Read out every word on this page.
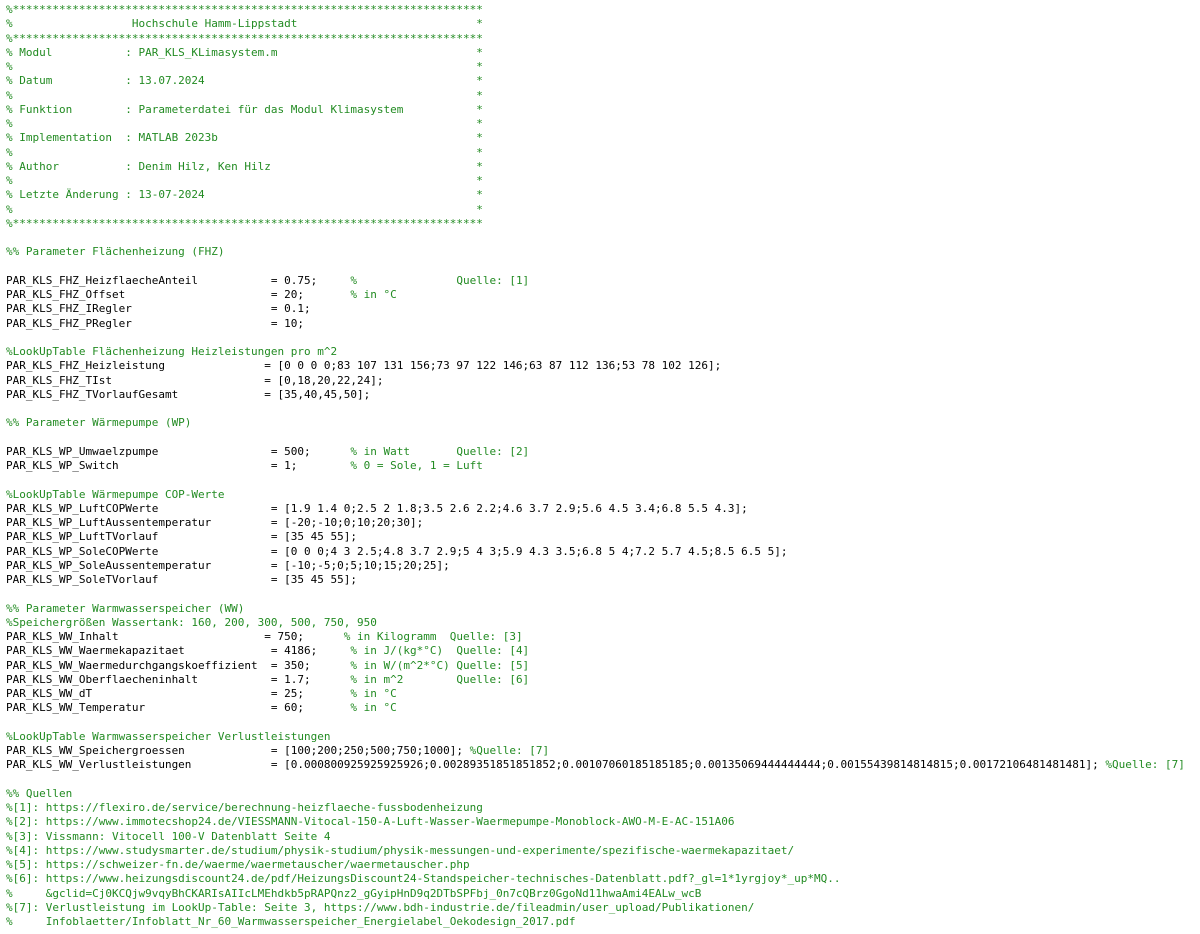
%***********************************************************************
%                  Hochschule Hamm-Lippstadt                           *
%***********************************************************************
% Modul           : PAR_KLS_KLimasystem.m                              *
%                                                                      *
% Datum           : 13.07.2024                                         *
%                                                                      *
% Funktion        : Parameterdatei für das Modul Klimasystem           *
%                                                                      *
% Implementation  : MATLAB 2023b                                       *
%                                                                      *
% Author          : Denim Hilz, Ken Hilz                               *
%                                                                      *
% Letzte Änderung : 13-07-2024                                         *
%                                                                      *
%***********************************************************************
%% Parameter Flächenheizung (FHZ)
PAR_KLS_FHZ_HeizflaecheAnteil           = 0.75;     %               Quelle: [1]
PAR_KLS_FHZ_Offset                      = 20;       % in °C
PAR_KLS_FHZ_IRegler                     = 0.1;
PAR_KLS_FHZ_PRegler                     = 10;
%LookUpTable Flächenheizung Heizleistungen pro m^2
PAR_KLS_FHZ_Heizleistung               = [0 0 0 0;83 107 131 156;73 97 122 146;63 87 112 136;53 78 102 126];
PAR_KLS_FHZ_TIst                       = [0,18,20,22,24];
PAR_KLS_FHZ_TVorlaufGesamt             = [35,40,45,50];
%% Parameter Wärmepumpe (WP)
PAR_KLS_WP_Umwaelzpumpe                 = 500;      % in Watt       Quelle: [2]
PAR_KLS_WP_Switch                       = 1;        % 0 = Sole, 1 = Luft
%LookUpTable Wärmepumpe COP-Werte
PAR_KLS_WP_LuftCOPWerte                 = [1.9 1.4 0;2.5 2 1.8;3.5 2.6 2.2;4.6 3.7 2.9;5.6 4.5 3.4;6.8 5.5 4.3];
PAR_KLS_WP_LuftAussentemperatur         = [-20;-10;0;10;20;30];
PAR_KLS_WP_LuftTVorlauf                 = [35 45 55];
PAR_KLS_WP_SoleCOPWerte                 = [0 0 0;4 3 2.5;4.8 3.7 2.9;5 4 3;5.9 4.3 3.5;6.8 5 4;7.2 5.7 4.5;8.5 6.5 5];
PAR_KLS_WP_SoleAussentemperatur         = [-10;-5;0;5;10;15;20;25];
PAR_KLS_WP_SoleTVorlauf                 = [35 45 55];
%% Parameter Warmwasserspeicher (WW)
%Speichergrößen Wassertank: 160, 200, 300, 500, 750, 950
PAR_KLS_WW_Inhalt                      = 750;      % in Kilogramm  Quelle: [3]
PAR_KLS_WW_Waermekapazitaet             = 4186;     % in J/(kg*°C)  Quelle: [4]
PAR_KLS_WW_Waermedurchgangskoeffizient  = 350;      % in W/(m^2*°C) Quelle: [5]
PAR_KLS_WW_Oberflaecheninhalt           = 1.7;      % in m^2        Quelle: [6]
PAR_KLS_WW_dT                           = 25;       % in °C
PAR_KLS_WW_Temperatur                   = 60;       % in °C
%LookUpTable Warmwasserspeicher Verlustleistungen
PAR_KLS_WW_Speichergroessen             = [100;200;250;500;750;1000]; %Quelle: [7]
PAR_KLS_WW_Verlustleistungen            = [0.000800925925925926;0.00289351851851852;0.00107060185185185;0.00135069444444444;0.00155439814814815;0.00172106481481481]; %Quelle: [7]
%% Quellen
%[1]: https://flexiro.de/service/berechnung-heizflaeche-fussbodenheizung
%[2]: https://www.immotecshop24.de/VIESSMANN-Vitocal-150-A-Luft-Wasser-Waermepumpe-Monoblock-AWO-M-E-AC-151A06
%[3]: Vissmann: Vitocell 100-V Datenblatt Seite 4
%[4]: https://www.studysmarter.de/studium/physik-studium/physik-messungen-und-experimente/spezifische-waermekapazitaet/
%[5]: https://schweizer-fn.de/waerme/waermetauscher/waermetauscher.php
%[6]: https://www.heizungsdiscount24.de/pdf/HeizungsDiscount24-Standspeicher-technisches-Datenblatt.pdf?_gl=1*1yrgjoy*_up*MQ..
%     &gclid=Cj0KCQjw9vqyBhCKARIsAIIcLMEhdkb5pRAPQnz2_gGyipHnD9q2DTbSPFbj_0n7cQBrz0GgoNd11hwaAmi4EALw_wcB
%[7]: Verlustleistung im LookUp-Table: Seite 3, https://www.bdh-industrie.de/fileadmin/user_upload/Publikationen/
%     Infoblaetter/Infoblatt_Nr_60_Warmwasserspeicher_Energielabel_Oekodesign_2017.pdf
